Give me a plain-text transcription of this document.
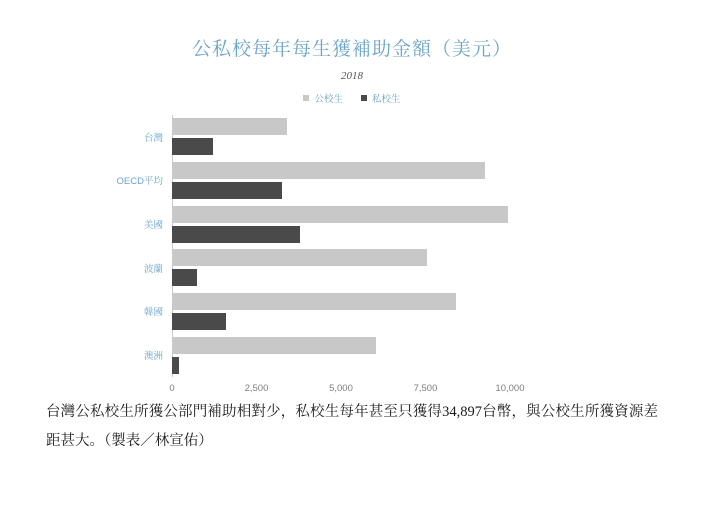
公私校每年每生獲補助金額（美元）
2018
公校生	私校生
台灣
OECD平均
美國
波蘭
韓國
澳洲
0	2,500	5,000	7,500	10,000
台灣公私校生所獲公部門補助相對少，私校生每年甚至只獲得34,897台幣，與公校生所獲資源差距甚大。（製表／林宣佑）
